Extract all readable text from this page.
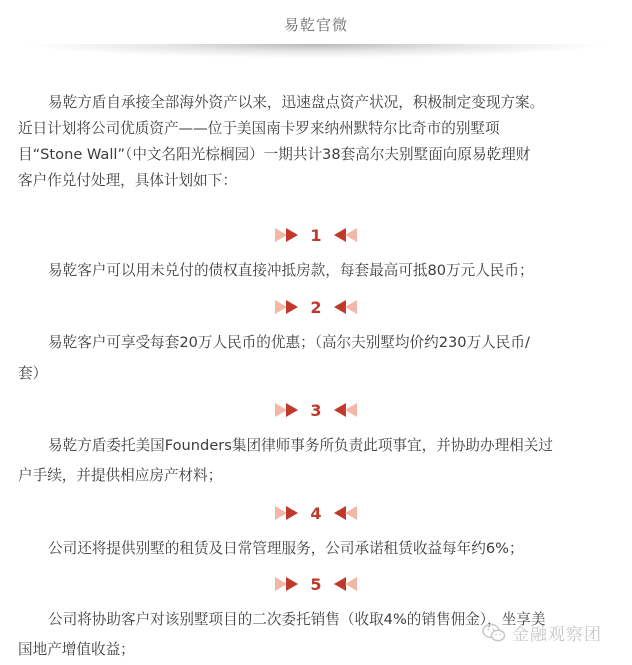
易乾官微
易乾方盾自承接全部海外资产以来，迅速盘点资产状况，积极制定变现方案。
近日计划将公司优质资产——位于美国南卡罗来纳州默特尔比奇市的别墅项
目“Stone Wall”（中文名阳光棕榈园）一期共计38套高尔夫别墅面向原易乾理财
客户作兑付处理，具体计划如下：
1
易乾客户可以用未兑付的债权直接冲抵房款，每套最高可抵80万元人民币；
2
易乾客户可享受每套20万人民币的优惠；（高尔夫别墅均价约230万人民币/
套）
3
易乾方盾委托美国Founders集团律师事务所负责此项事宜，并协助办理相关过
户手续，并提供相应房产材料；
4
公司还将提供别墅的租赁及日常管理服务，公司承诺租赁收益每年约6%；
5
公司将协助客户对该别墅项目的二次委托销售（收取4%的销售佣金），坐享美
国地产增值收益；
金融观察团
